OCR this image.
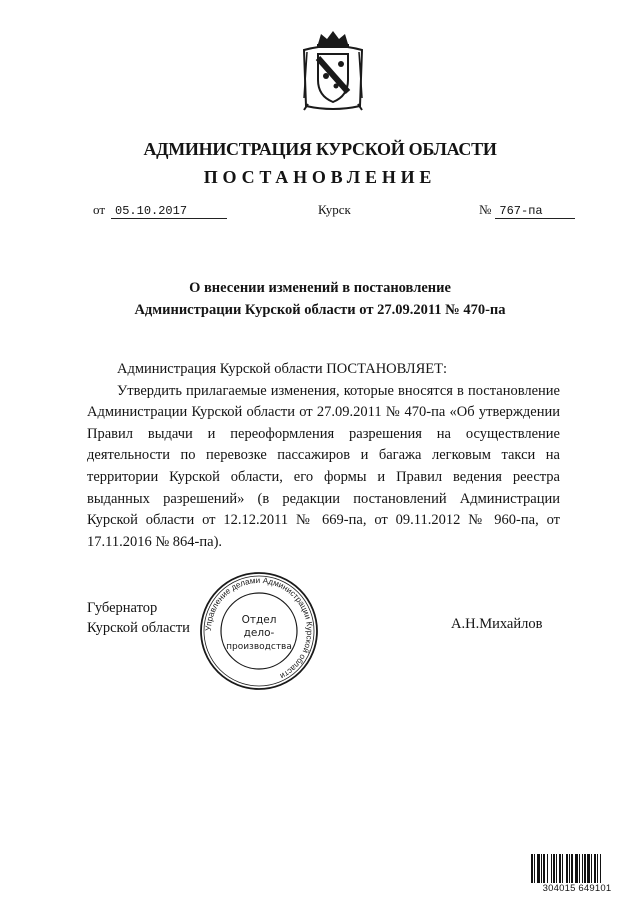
АДМИНИСТРАЦИЯ КУРСКОЙ ОБЛАСТИ
ПОСТАНОВЛЕНИЕ
от 05.10.2017	Курск	№ 767-па
О внесении изменений в постановление
Администрации Курской области от 27.09.2011 № 470-па

Администрация Курской области ПОСТАНОВЛЯЕТ:

Утвердить прилагаемые изменения, которые вносятся в постановление Администрации Курской области от 27.09.2011 № 470-па «Об утверждении Правил выдачи и переоформления разрешения на осуществление деятельности по перевозке пассажиров и багажа легковым такси на территории Курской области, его формы и Правил ведения реестра выданных разрешений» (в редакции постановлений Администрации Курской области от 12.12.2011 № 669-па, от 09.11.2012 № 960-па, от 17.11.2016 № 864-па).

Губернатор
Курской области Управление делами Администрации Курской области
Отдел
дело-
производства
А.Н.Михайлов
304015 649101
